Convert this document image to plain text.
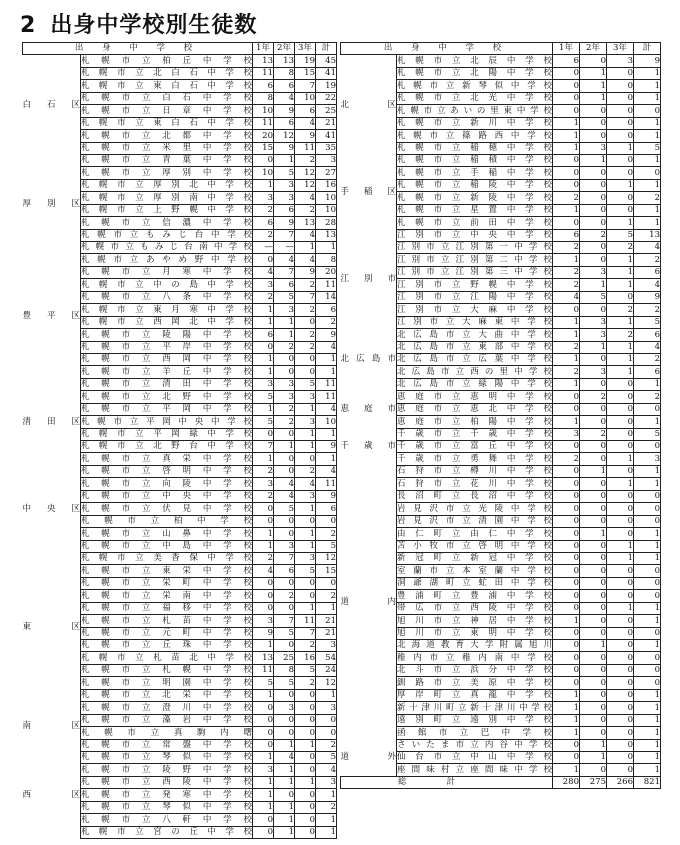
2 出身中学校別生徒数
出 身 中 学 校		1年	2年	3年	計
白石区	札幌市立柏丘中学校	13	13	19	45
	札幌市立北白石中学校	11	8	15	41
	札幌市立東白石中学校	6	6	7	19
	札幌市立白石中学校	8	4	10	22
	札幌市立日章中学校	10	9	6	25
	札幌市立東白石中学校	11	6	4	21
	札幌市立北都中学校	20	12	9	41
	札幌市立米里中学校	15	9	11	35
厚別区	札幌市立青葉中学校	0	1	2	3
	札幌市立厚別中学校	10	5	12	27
	札幌市立厚別北中学校	1	3	12	16
	札幌市立厚別南中学校	3	3	4	10
	札幌市立上野幌中学校	2	6	2	10
	札幌市立信濃中学校	6	9	13	28
	札幌市立もみじ台中学校	2	7	4	13
	札幌市立もみじ台南中学校	—	—	1	1
豊平区	札幌市立あやめ野中学校	0	4	4	8
	札幌市立月寒中学校	4	7	9	20
	札幌市立中の島中学校	3	6	2	11
	札幌市立八条中学校	2	5	7	14
	札幌市立東月寒中学校	1	3	2	6
	札幌市立西岡北中学校	1	1	0	2
	札幌市立陵陽中学校	6	1	2	9
	札幌市立平岸中学校	0	2	2	4
	札幌市立西岡中学校	1	0	0	1
	札幌市立羊丘中学校	1	0	0	1
清田区	札幌市立清田中学校	3	3	5	11
	札幌市立北野中学校	5	3	3	11
	札幌市立平岡中学校	1	2	1	4
	札幌市立平岡中央中学校	5	2	3	10
	札幌市立平岡緑中学校	0	0	1	1
	札幌市立北野台中学校	7	1	1	9
	札幌市立真栄中学校	1	0	0	1
中央区	札幌市立啓明中学校	2	0	2	4
	札幌市立向陵中学校	3	4	4	11
	札幌市立中央中学校	2	4	3	9
	札幌市立伏見中学校	0	5	1	6
	札幌市立柏中学校	0	0	0	0
	札幌市立山鼻中学校	1	0	1	2
	札幌市立中島中学校	1	3	1	5
東区	札幌市立美香保中学校	2	7	3	12
	札幌市立東栄中学校	4	6	5	15
	札幌市立栄町中学校	0	0	0	0
	札幌市立栄南中学校	0	2	0	2
	札幌市立福移中学校	0	0	1	1
	札幌市立札苗中学校	3	7	11	21
	札幌市立元町中学校	9	5	7	21
	札幌市立丘珠中学校	1	0	2	3
	札幌市立札苗北中学校	13	25	16	54
	札幌市立札幌中学校	11	8	5	24
	札幌市立明園中学校	5	5	2	12
	札幌市立北栄中学校	1	0	0	1
南区	札幌市立澄川中学校	0	3	0	3
	札幌市立藻岩中学校	0	0	0	0
	札幌市立真駒内曙	0	0	0	0
	札幌市立常盤中学校	0	1	1	2
西区	札幌市立琴似中学校	1	4	0	5
	札幌市立陵野中学校	3	1	0	4
	札幌市立西陵中学校	1	1	1	3
	札幌市立発寒中学校	1	0	0	1
	札幌市立琴似中学校	1	1	0	2
	札幌市立八軒中学校	0	1	0	1
	札幌市立宮の丘中学校	0	1	0	1
出 身 中 学 校		1年	2年	3年	計
北区	札幌市立北辰中学校	6	0	3	9
	札幌市立北陽中学校	0	1	0	1
	札幌市立新琴似中学校	0	1	0	1
	札幌市立北光中学校	0	1	0	1
	札幌市立あいの里東中学校	0	0	0	0
	札幌市立新川中学校	1	0	0	1
	札幌市立篠路西中学校	1	0	0	1
	札幌市立稲穂中学校	1	3	1	5
手稲区	札幌市立稲積中学校	0	1	0	1
	札幌市立手稲中学校	0	0	0	0
	札幌市立稲陵中学校	0	0	1	1
	札幌市立新陵中学校	2	0	0	2
	札幌市立星置中学校	1	0	0	1
	札幌市立前田中学校	0	0	1	1
江別市	江別市立中央中学校	6	2	5	13
	江別市立江別第一中学校	2	0	2	4
	江別市立江別第二中学校	1	0	1	2
	江別市立江別第三中学校	2	3	1	6
	江別市立野幌中学校	2	1	1	4
	江別市立江陽中学校	4	5	0	9
	江別市立大麻中学校	0	0	2	2
	江別市立大麻東中学校	1	3	1	5
北広島市	北広島市立大曲中学校	1	3	2	6
	北広島市立東部中学校	2	1	1	4
	北広島市立広葉中学校	1	0	1	2
	北広島市立西の里中学校	2	3	1	6
	北広島市立緑陽中学校	1	0	0	1
恵庭市	恵庭市立恵明中学校	0	2	0	2
	恵庭市立恵北中学校	0	0	0	0
	恵庭市立柏陽中学校	1	0	0	1
千歳市	千歳市立千歳中学校	3	2	0	5
	千歳市立富丘中学校	0	0	0	0
	千歳市立勇舞中学校	2	0	1	3
道内	石狩市立樽川中学校	0	1	0	1
	石狩市立花川中学校	0	0	1	1
	長沼町立長沼中学校	0	0	0	0
	岩見沢市立光陵中学校	0	0	0	0
	岩見沢市立清園中学校	0	0	0	0
	由仁町立由仁中学校	0	1	0	1
	苫小牧市立啓明中学校	0	0	1	1
	新冠町立新冠中学校	0	0	1	1
	室蘭市立本室蘭中学校	0	0	0	0
	洞爺湖町立虻田中学校	0	0	0	0
	豊浦町立豊浦中学校	0	0	0	0
	帯広市立西陵中学校	0	0	1	1
	旭川市立神居中学校	1	0	0	1
	旭川市立東明中学校	0	0	0	0
	北海道教育大学附属旭川	0	1	0	1
	稚内市立稚内南中学校	0	0	0	0
	北斗市立浜分中学校	0	0	0	0
	釧路市立美原中学校	0	0	0	0
	厚岸町立真龍中学校	1	0	0	1
	新十津川町立新十津川中学校	1	0	0	1
	遠別町立遠別中学校	1	0	0	1
	函館市立巴中学校	1	0	0	1
道外	さいたま市立内谷中学校	0	1	0	1
	仙台市立中山中学校	0	1	0	1
	座間味村立座間味中学校	1	0	0	1
総計		280	275	266	821
